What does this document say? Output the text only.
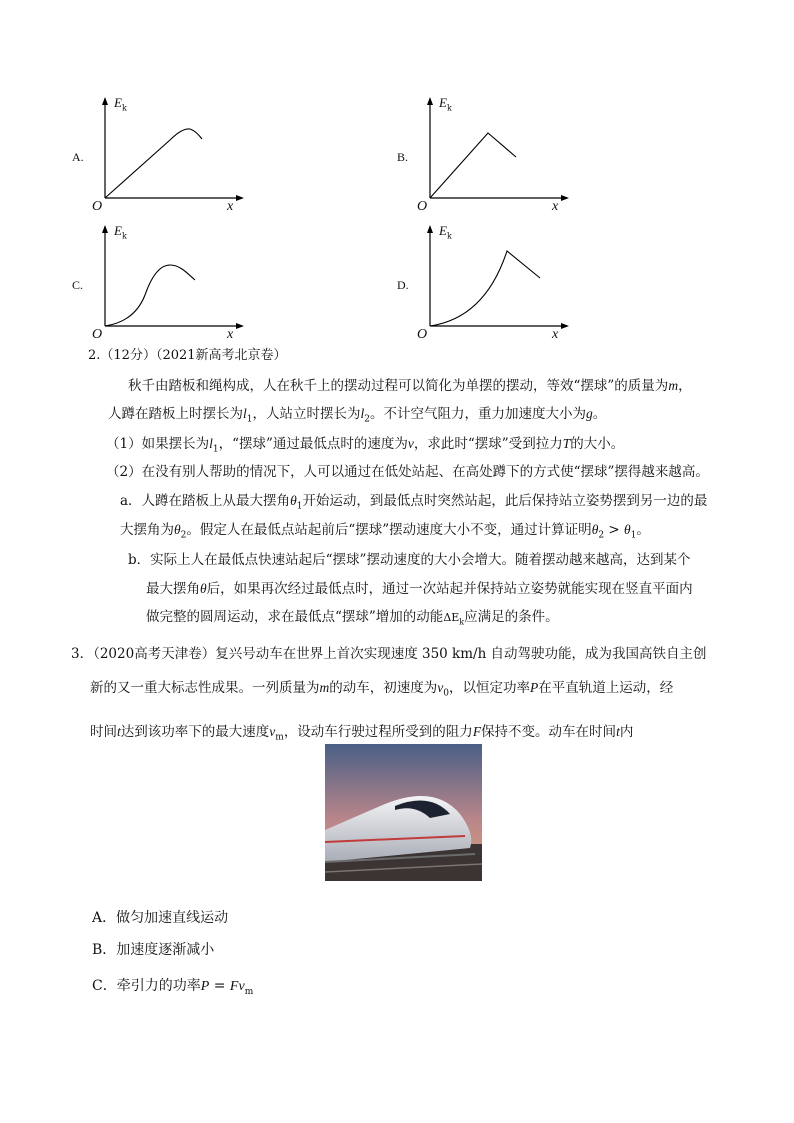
A.
$E_k$
O	x
B.
$E_k$
O	x
C.
$E_k$
O	x
D.
$E_k$
O	x
2.（12分）（2021新高考北京卷）
秋千由踏板和绳构成，人在秋千上的摆动过程可以简化为单摆的摆动，等效“摆球”的质量为m，
人蹲在踏板上时摆长为$l_1$，人站立时摆长为$l_2$。不计空气阻力，重力加速度大小为g。
（1）如果摆长为$l_1$，“摆球”通过最低点时的速度为v，求此时“摆球”受到拉力T的大小。
（2）在没有别人帮助的情况下，人可以通过在低处站起、在高处蹲下的方式使“摆球”摆得越来越高。
a．人蹲在踏板上从最大摆角$\theta_1$开始运动，到最低点时突然站起，此后保持站立姿势摆到另一边的最
大摆角为$\theta_2$。假定人在最低点站起前后“摆球”摆动速度大小不变，通过计算证明$\theta_2 > \theta_1$。
b．实际上人在最低点快速站起后“摆球”摆动速度的大小会增大。随着摆动越来越高，达到某个
最大摆角θ后，如果再次经过最低点时，通过一次站起并保持站立姿势就能实现在竖直平面内
做完整的圆周运动，求在最低点“摆球”增加的动能$\Delta E_k$应满足的条件。
3．（2020高考天津卷）复兴号动车在世界上首次实现速度 350 km/h 自动驾驶功能，成为我国高铁自主创
新的又一重大标志性成果。一列质量为m的动车，初速度为$v_0$，以恒定功率P在平直轨道上运动，经
时间t达到该功率下的最大速度$v_m$，设动车行驶过程所受到的阻力F保持不变。动车在时间t内
A．做匀加速直线运动
B．加速度逐渐减小
C．牵引力的功率$P = Fv_m$
